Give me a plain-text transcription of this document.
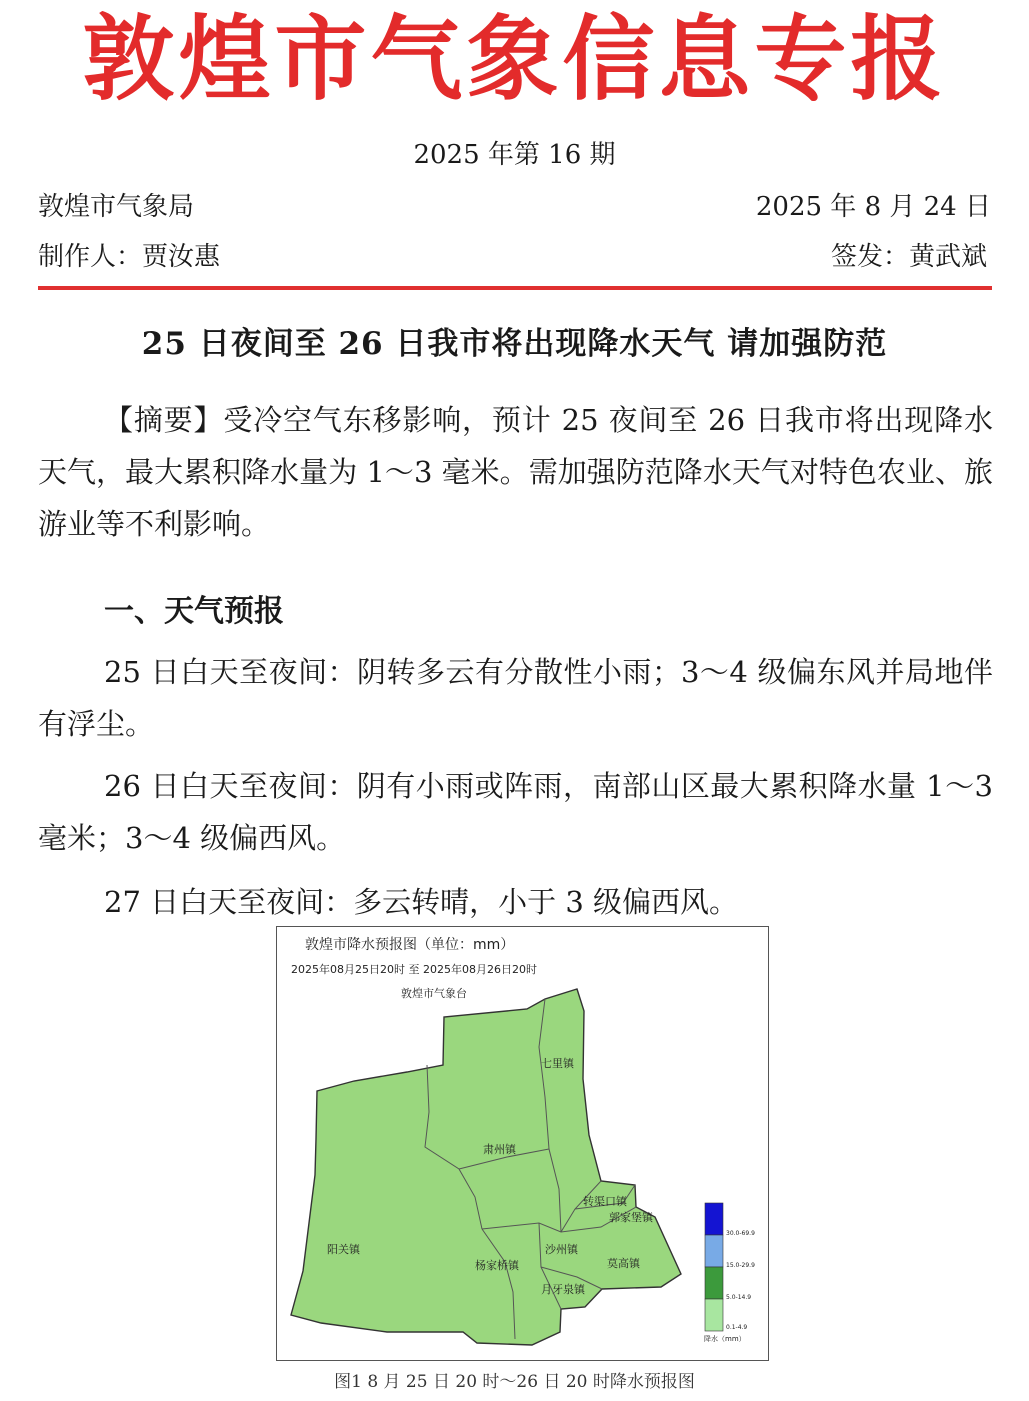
敦煌市气象信息专报
2025 年第 16 期
敦煌市气象局	2025 年 8 月 24 日
制作人：贾汝惠	签发：黄武斌
25 日夜间至 26 日我市将出现降水天气 请加强防范
【摘要】受冷空气东移影响，预计 25 夜间至 26 日我市将出现降水天气，最大累积降水量为 1～3 毫米。需加强防范降水天气对特色农业、旅游业等不利影响。
一、天气预报
25 日白天至夜间：阴转多云有分散性小雨；3～4 级偏东风并局地伴有浮尘。
26 日白天至夜间：阴有小雨或阵雨，南部山区最大累积降水量 1～3 毫米；3～4 级偏西风。
27 日白天至夜间：多云转晴，小于 3 级偏西风。
敦煌市降水预报图（单位：mm）
2025年08月25日20时 至 2025年08月26日20时
敦煌市气象台
七里镇
肃州镇
阳关镇
转渠口镇
郭家堡镇
沙州镇
杨家桥镇
月牙泉镇
莫高镇
30.0-69.9
15.0-29.9
5.0-14.9
0.1-4.9
降水（mm）
图1 8 月 25 日 20 时～26 日 20 时降水预报图
